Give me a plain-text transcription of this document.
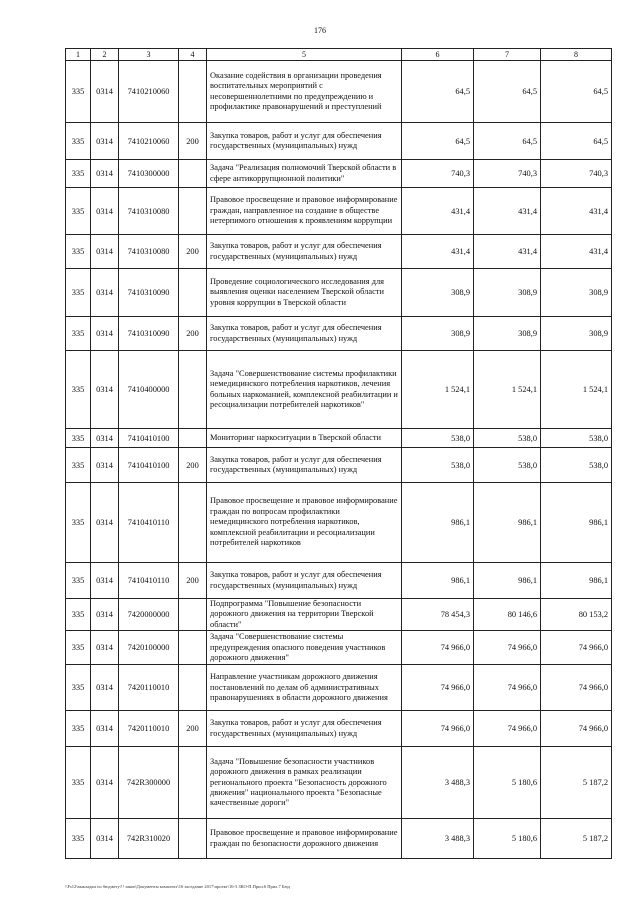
176
1	2	3	4	5	6	7	8
335	0314	7410210060		Оказание содействия в организации проведения воспитательных мероприятий с несовершеннолетними по предупреждению и профилактике правонарушений и преступлений	64,5	64,5	64,5
335	0314	7410210060	200	Закупка товаров, работ и услуг для обеспечения государственных (муниципальных) нужд	64,5	64,5	64,5
335	0314	7410300000		Задача "Реализация полномочий Тверской области в сфере антикоррупционной политики"	740,3	740,3	740,3
335	0314	7410310080		Правовое просвещение и правовое информирование граждан, направленное на создание в обществе нетерпимого отношения к проявлениям коррупции	431,4	431,4	431,4
335	0314	7410310080	200	Закупка товаров, работ и услуг для обеспечения государственных (муниципальных) нужд	431,4	431,4	431,4
335	0314	7410310090		Проведение социологического исследования для выявления оценки населением Тверской области уровня коррупции в Тверской области	308,9	308,9	308,9
335	0314	7410310090	200	Закупка товаров, работ и услуг для обеспечения государственных (муниципальных) нужд	308,9	308,9	308,9
335	0314	7410400000		Задача "Совершенствование системы профилактики немедицинского потребления наркотиков, лечения больных наркоманией, комплексной реабилитации и ресоциализации потребителей наркотиков"	1 524,1	1 524,1	1 524,1
335	0314	7410410100		Мониторинг наркоситуации в Тверской области	538,0	538,0	538,0
335	0314	7410410100	200	Закупка товаров, работ и услуг для обеспечения государственных (муниципальных) нужд	538,0	538,0	538,0
335	0314	7410410110		Правовое просвещение и правовое информирование граждан по вопросам профилактики немедицинского потребления наркотиков, комплексной реабилитации и ресоциализации потребителей наркотиков	986,1	986,1	986,1
335	0314	7410410110	200	Закупка товаров, работ и услуг для обеспечения государственных (муниципальных) нужд	986,1	986,1	986,1
335	0314	7420000000		Подпрограмма "Повышение безопасности дорожного движения на территории Тверской области"	78 454,3	80 146,6	80 153,2
335	0314	7420100000		Задача "Совершенствование системы предупреждения опасного поведения участников дорожного движения"	74 966,0	74 966,0	74 966,0
335	0314	7420110010		Направление участникам дорожного движения постановлений по делам об административных правонарушениях в области дорожного движения	74 966,0	74 966,0	74 966,0
335	0314	7420110010	200	Закупка товаров, работ и услуг для обеспечения государственных (муниципальных) нужд	74 966,0	74 966,0	74 966,0
335	0314	742R300000		Задача "Повышение безопасности участников дорожного движения в рамках реализации регионального проекта "Безопасность дорожного движения" национального проекта "Безопасные качественные дороги"	3 488,3	5 180,6	5 187,2
335	0314	742R310020		Правовое просвещение и правовое информирование граждан по безопасности дорожного движения	3 488,3	5 180,6	5 187,2
\\Fs12\выкладки по бюджету\!! закон\Документы комплект\16 заседание 2017\проект\16-3 ЗКО-П.Прил.6 Прил.7 Бюд
